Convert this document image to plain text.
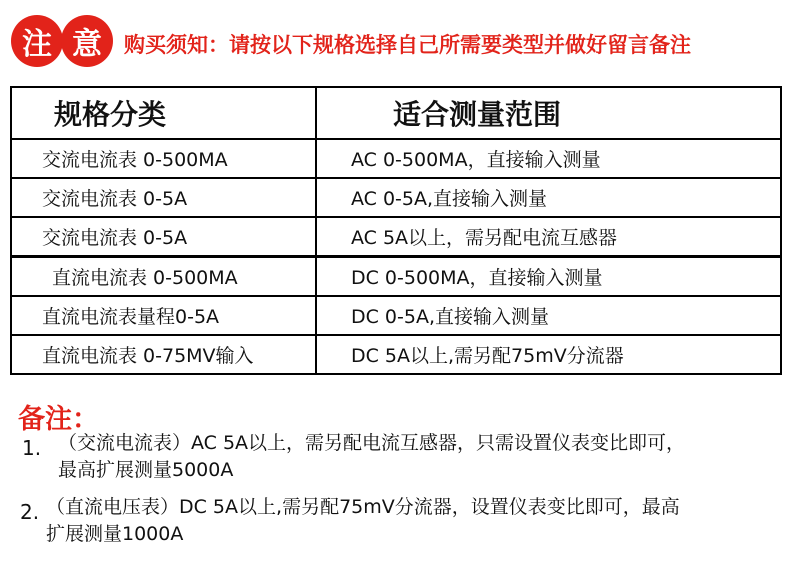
注 意	购买须知：请按以下规格选择自己所需要类型并做好留言备注
规格分类	适合测量范围
交流电流表 0-500MA	AC 0-500MA，直接输入测量
交流电流表 0-5A	AC 0-5A,直接输入测量
交流电流表 0-5A	AC 5A以上，需另配电流互感器
直流电流表 0-500MA	DC 0-500MA，直接输入测量
直流电流表量程0-5A	DC 0-5A,直接输入测量
直流电流表 0-75MV输入	DC 5A以上,需另配75mV分流器
备注：
1. （交流电流表）AC 5A以上，需另配电流互感器，只需设置仪表变比即可，
最高扩展测量5000A
2. （直流电压表）DC 5A以上,需另配75mV分流器，设置仪表变比即可，最高
扩展测量1000A
